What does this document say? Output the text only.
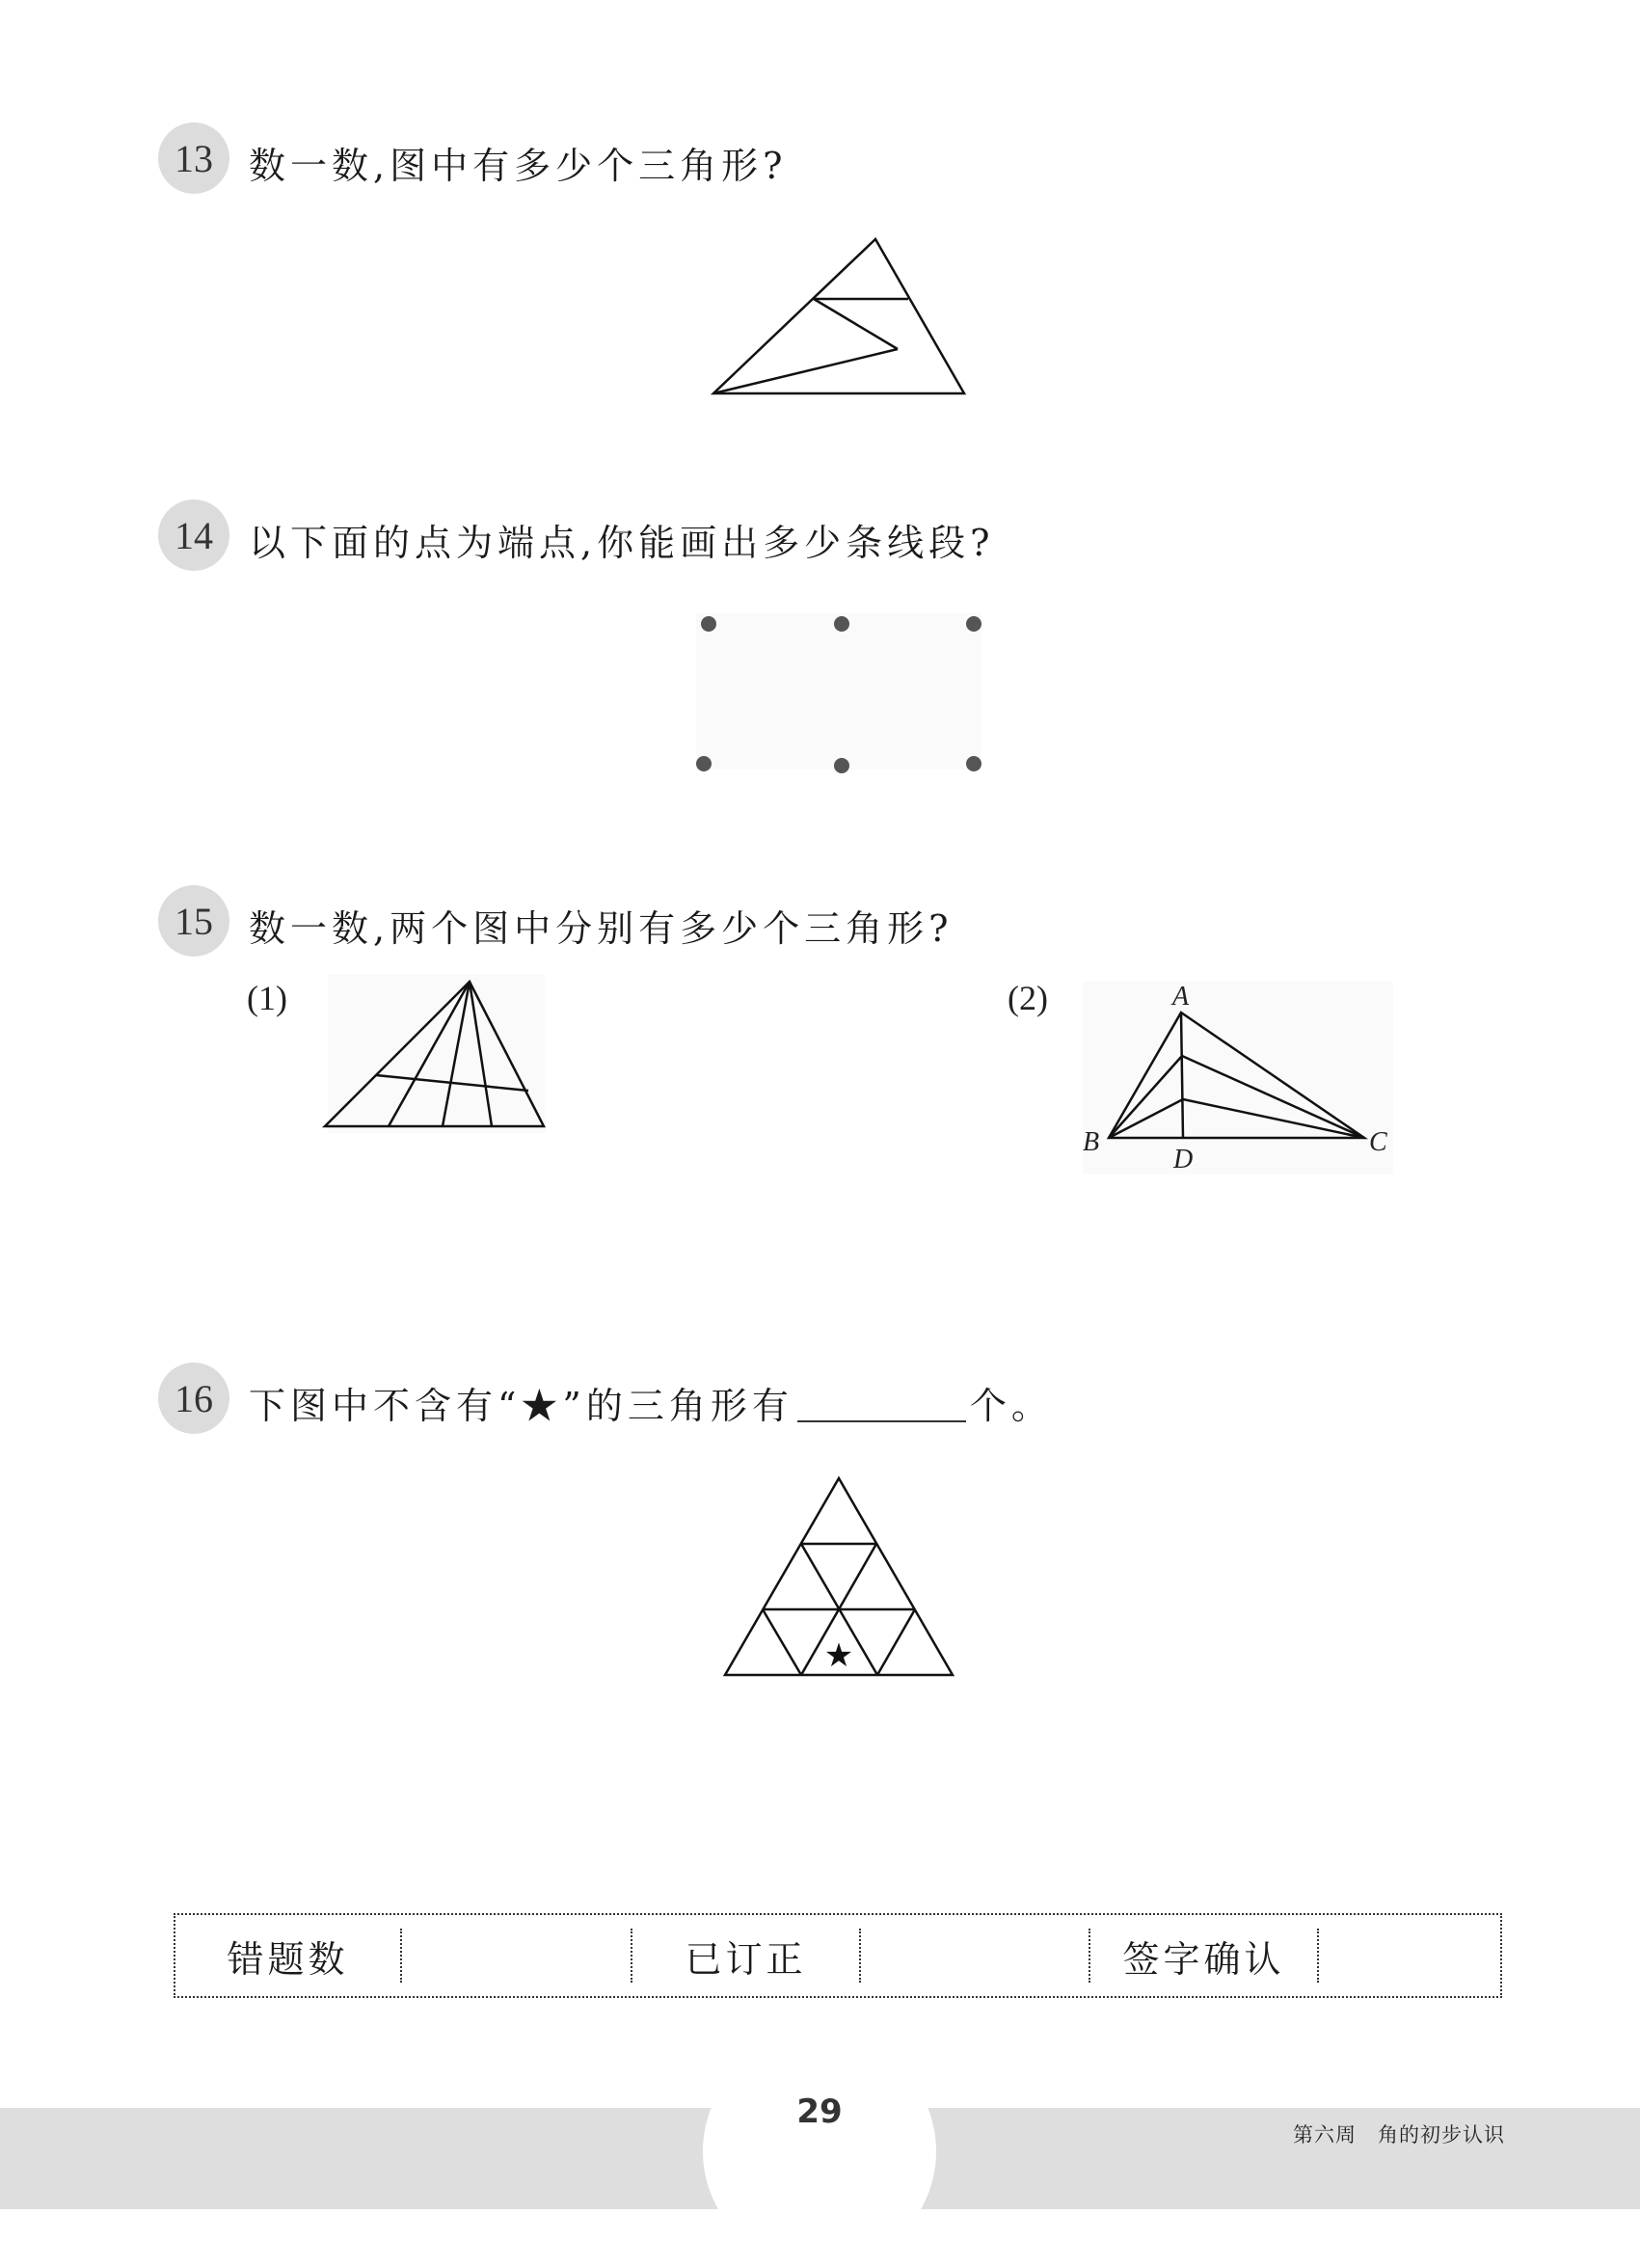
13 数一数,图中有多少个三角形?
14 以下面的点为端点,你能画出多少条线段?
15 数一数,两个图中分别有多少个三角形?
(1)	(2)	A
B	C
D
16 下图中不含有“★”的三角形有	个。
★
错题数	已订正	签字确认
29
第六周　角的初步认识
